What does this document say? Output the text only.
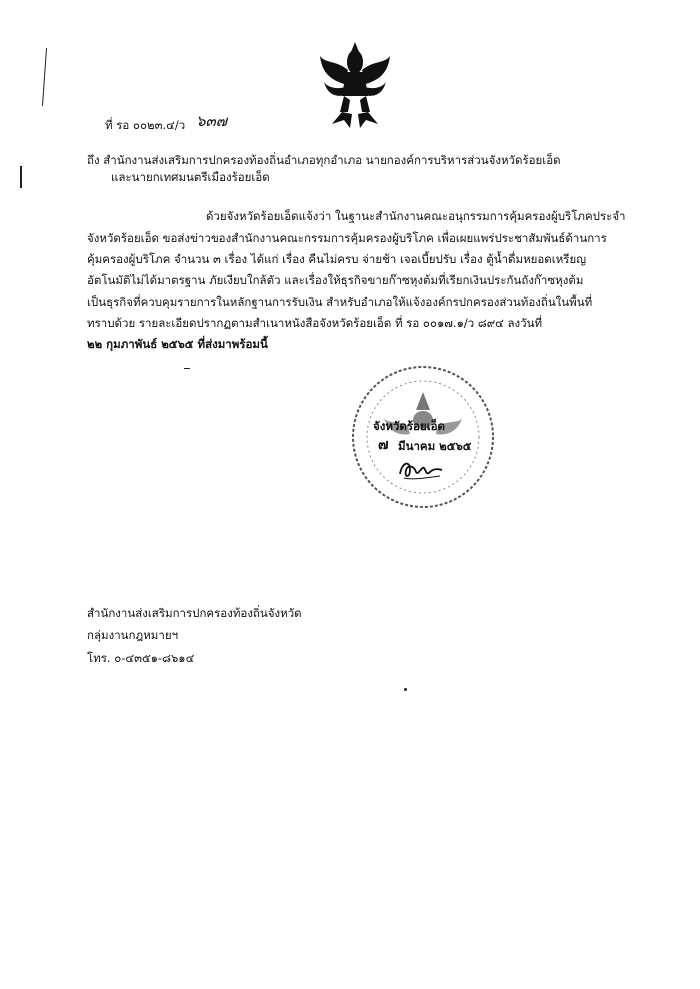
ที่ รอ ๐๐๒๓.๔/ว ๖๓๗
ถึง สำนักงานส่งเสริมการปกครองท้องถิ่นอำเภอทุกอำเภอ นายกองค์การบริหารส่วนจังหวัดร้อยเอ็ด
และนายกเทศมนตรีเมืองร้อยเอ็ด
ด้วยจังหวัดร้อยเอ็ดแจ้งว่า ในฐานะสำนักงานคณะอนุกรรมการคุ้มครองผู้บริโภคประจำ
จังหวัดร้อยเอ็ด ขอส่งข่าวของสำนักงานคณะกรรมการคุ้มครองผู้บริโภค เพื่อเผยแพร่ประชาสัมพันธ์ด้านการ
คุ้มครองผู้บริโภค จำนวน ๓ เรื่อง ได้แก่ เรื่อง คืนไม่ครบ จ่ายช้า เจอเบี้ยปรับ เรื่อง ตู้น้ำดื่มหยอดเหรียญ
อัตโนมัติไม่ได้มาตรฐาน ภัยเงียบใกล้ตัว และเรื่องให้ธุรกิจขายก๊าซหุงต้มที่เรียกเงินประกันถังก๊าซหุงต้ม
เป็นธุรกิจที่ควบคุมรายการในหลักฐานการรับเงิน สำหรับอำเภอให้แจ้งองค์กรปกครองส่วนท้องถิ่นในพื้นที่
ทราบด้วย รายละเอียดปรากฏตามสำเนาหนังสือจังหวัดร้อยเอ็ด ที่ รอ ๐๐๑๗.๑/ว ๘๙๔ ลงวันที่
๒๒ กุมภาพันธ์ ๒๕๖๕ ที่ส่งมาพร้อมนี้
จังหวัดร้อยเอ็ด
๗ มีนาคม ๒๕๖๕
สำนักงานส่งเสริมการปกครองท้องถิ่นจังหวัด
กลุ่มงานกฎหมายฯ
โทร. ๐-๔๓๕๑-๘๖๑๔
